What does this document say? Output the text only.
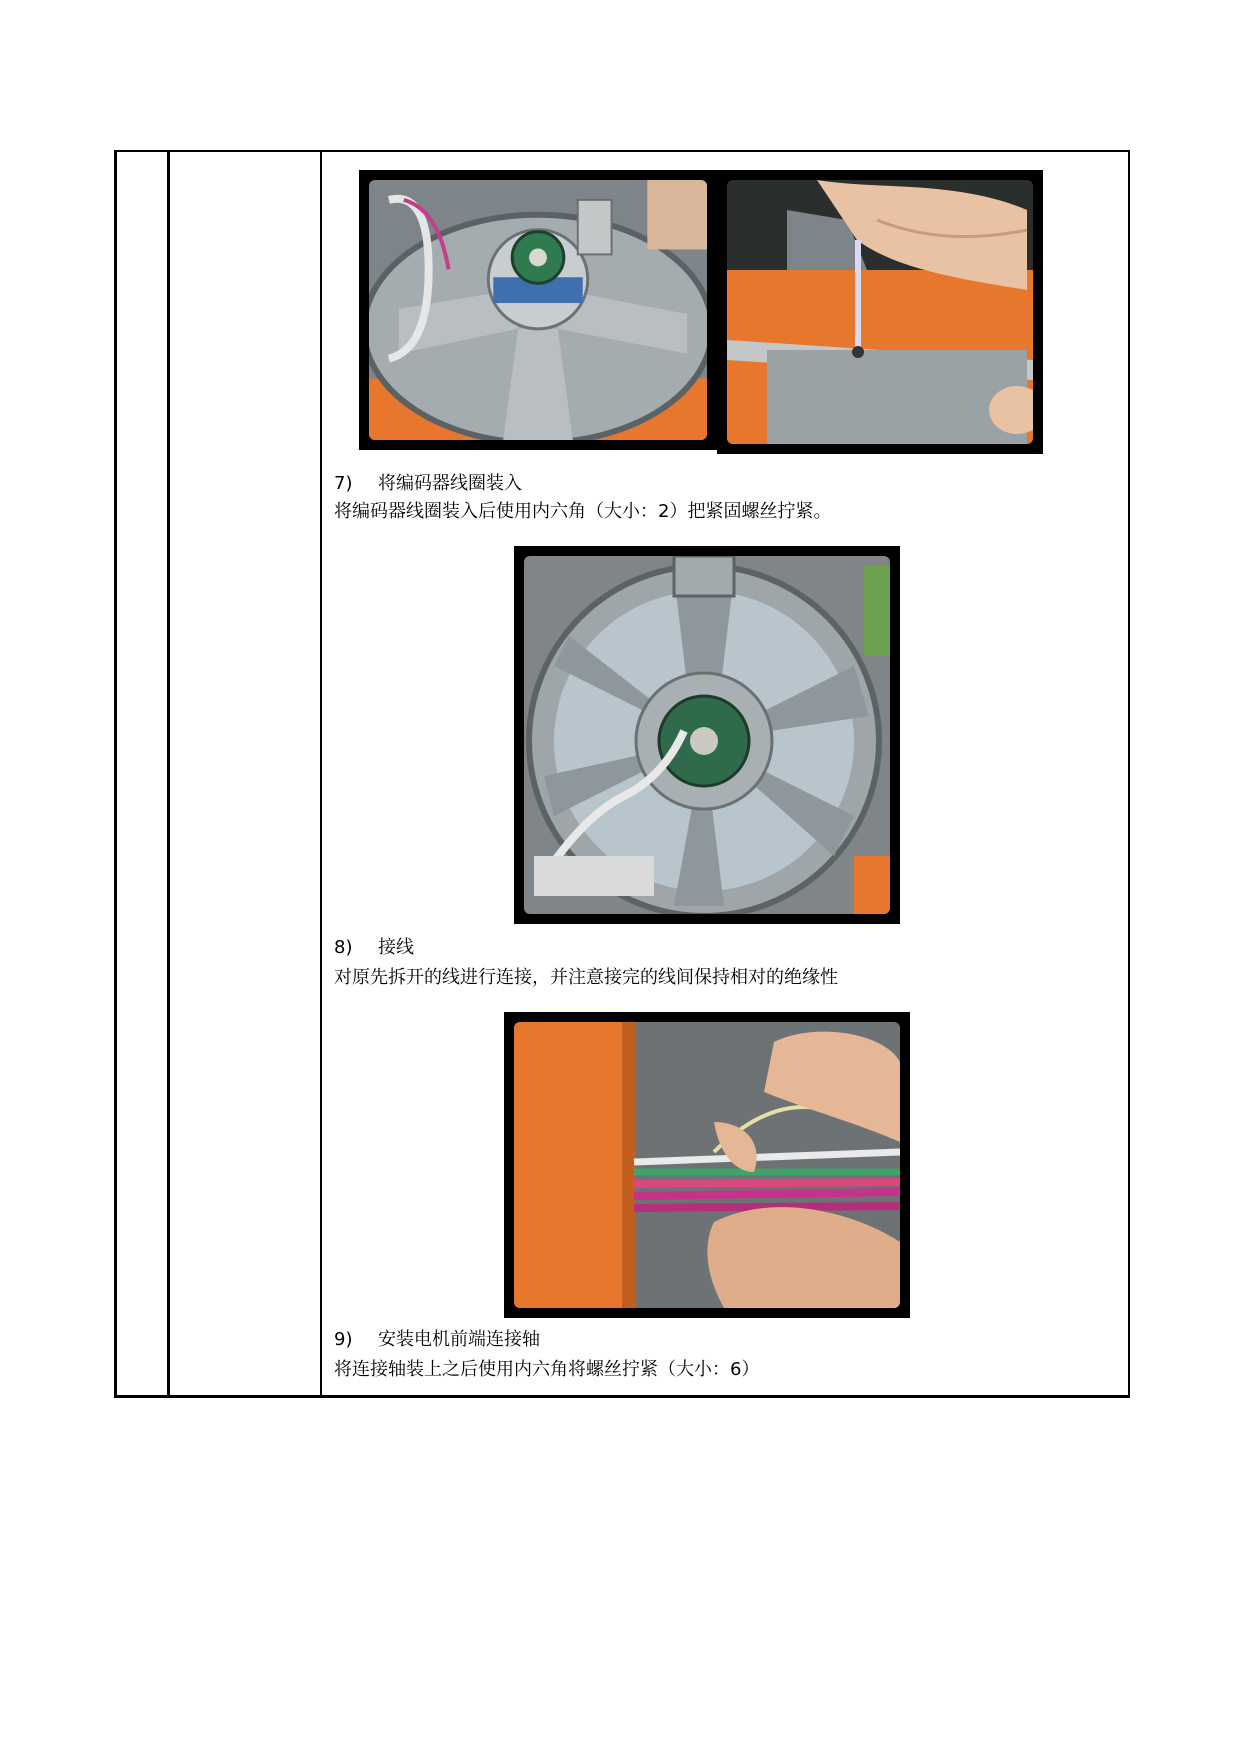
7) 将编码器线圈装入
将编码器线圈装入后使用内六角（大小：2）把紧固螺丝拧紧。
8) 接线
对原先拆开的线进行连接，并注意接完的线间保持相对的绝缘性
9) 安装电机前端连接轴
将连接轴装上之后使用内六角将螺丝拧紧（大小：6）
